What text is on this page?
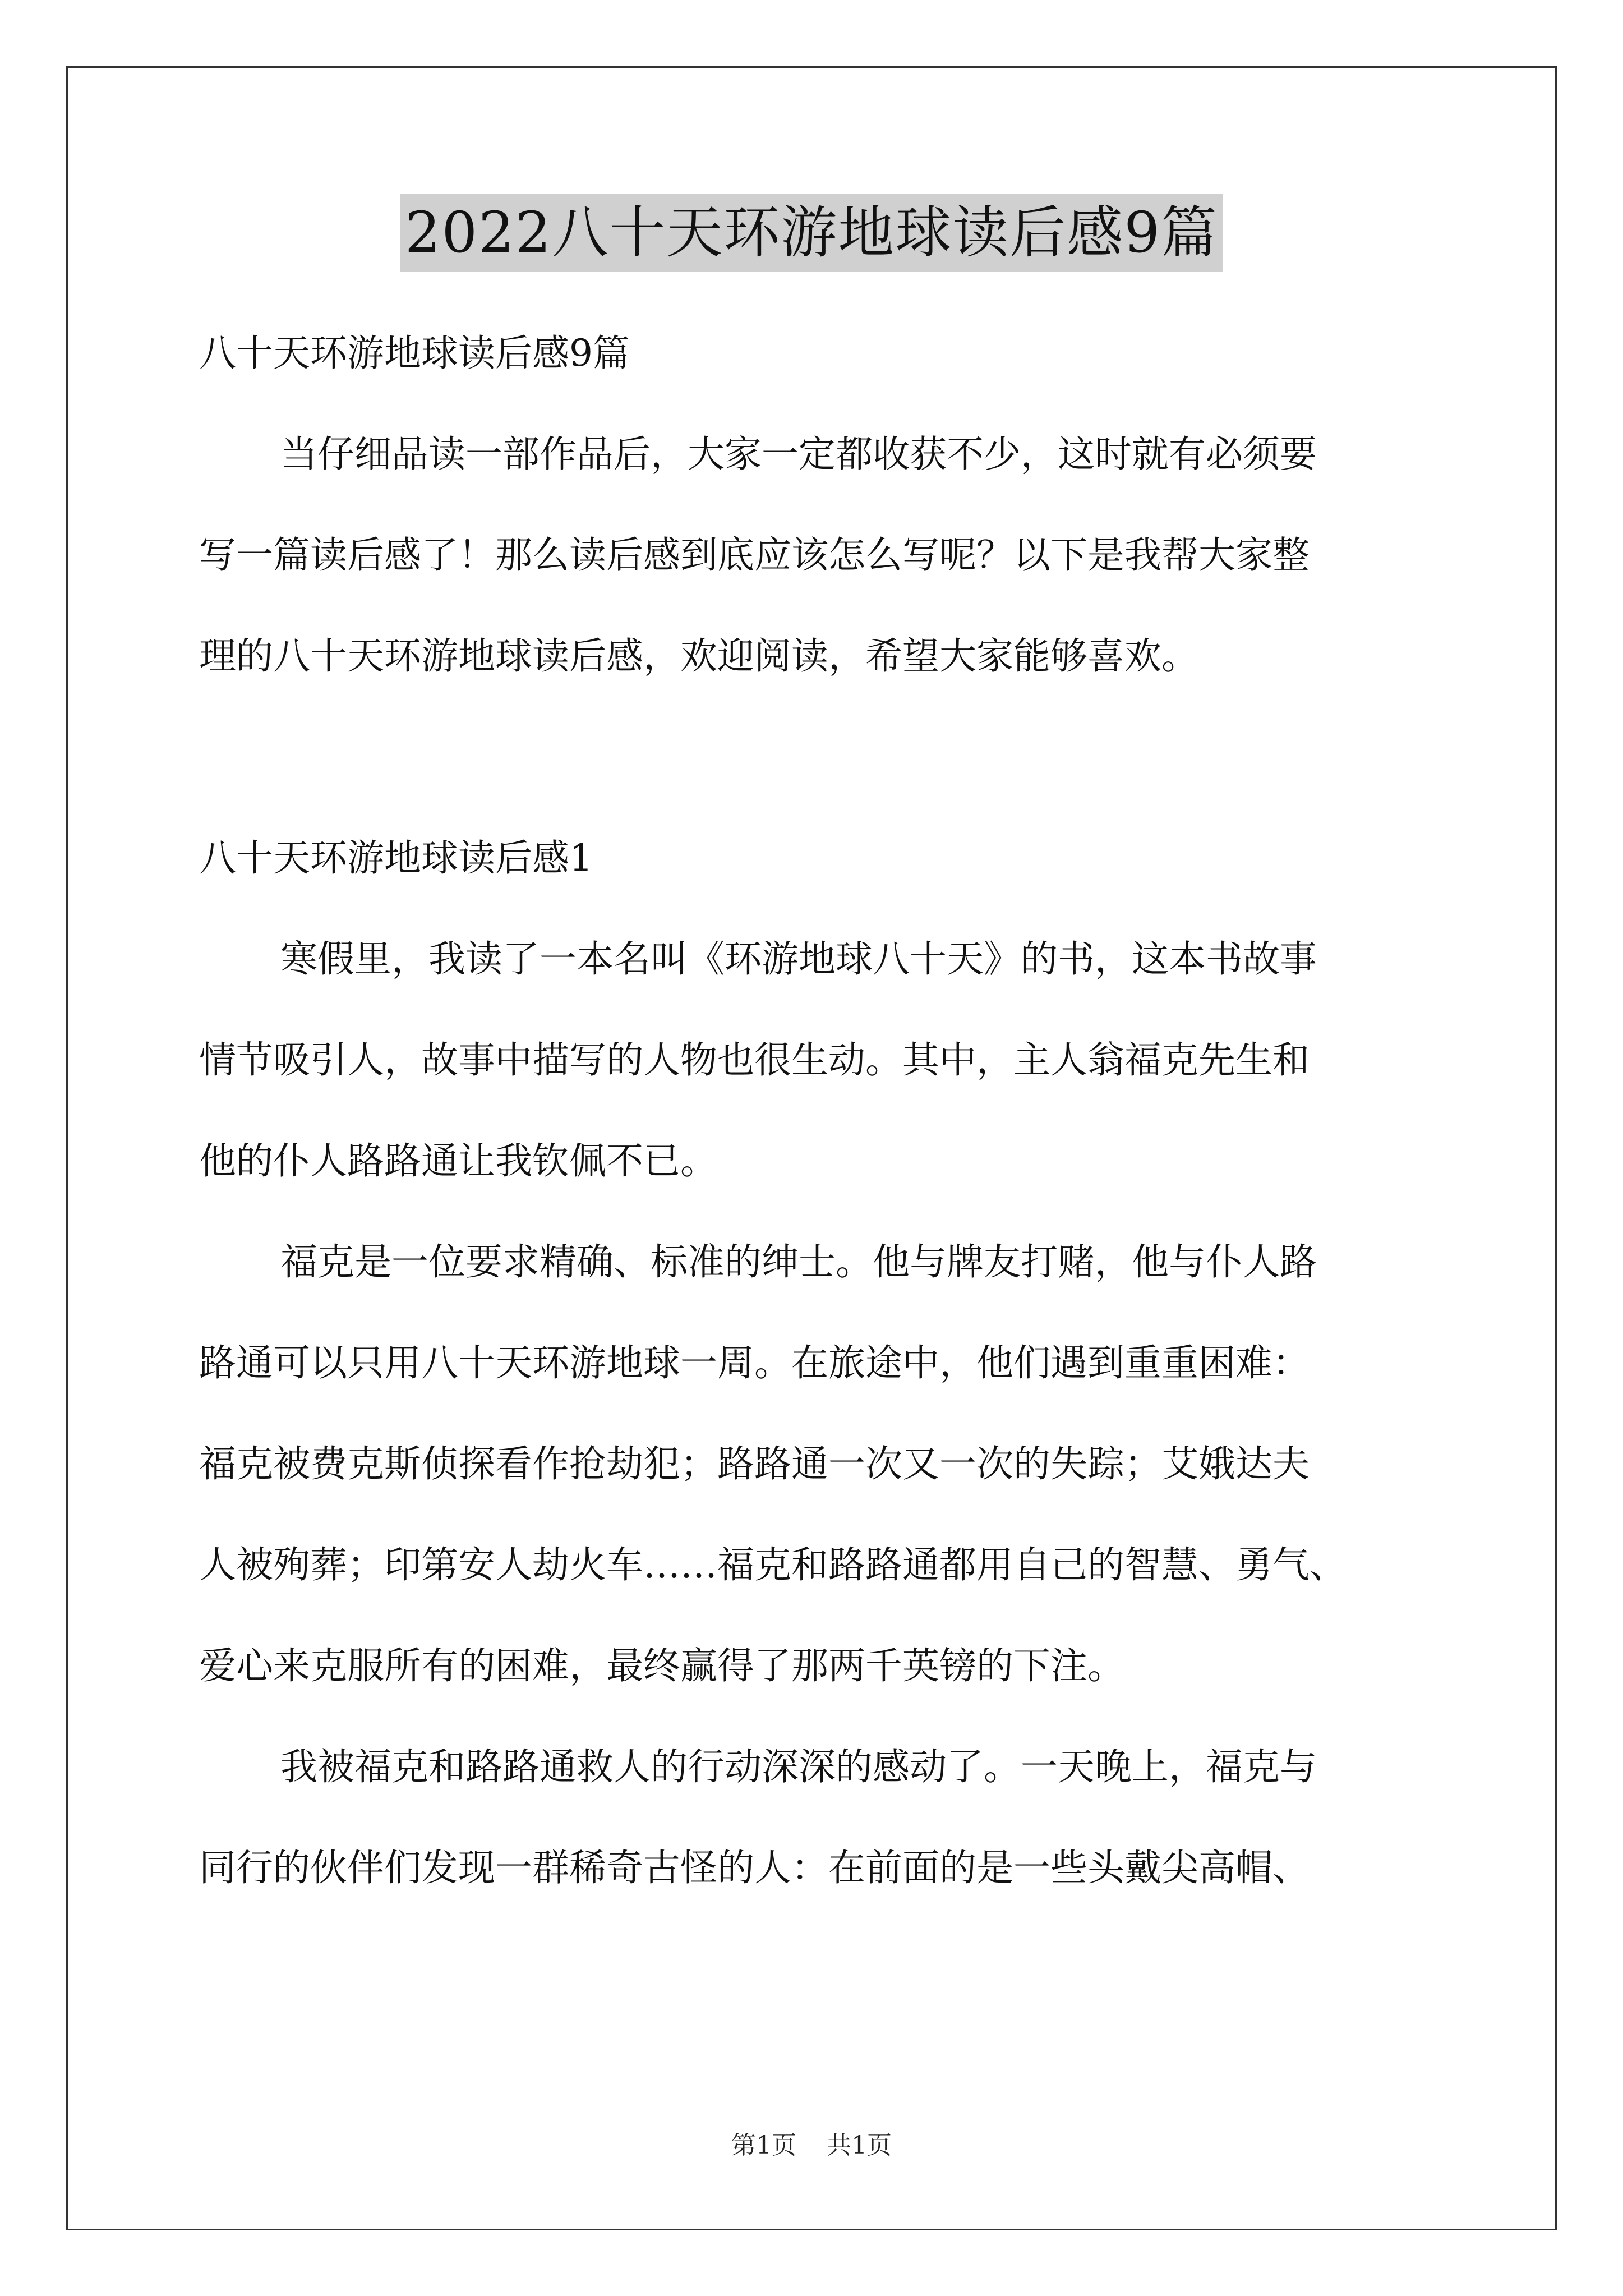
2022八十天环游地球读后感9篇

八十天环游地球读后感9篇

当仔细品读一部作品后，大家一定都收获不少，这时就有必须要

写一篇读后感了！那么读后感到底应该怎么写呢？以下是我帮大家整

理的八十天环游地球读后感，欢迎阅读，希望大家能够喜欢。

八十天环游地球读后感1

寒假里，我读了一本名叫《环游地球八十天》的书，这本书故事

情节吸引人，故事中描写的人物也很生动。其中，主人翁福克先生和

他的仆人路路通让我钦佩不已。

福克是一位要求精确、标准的绅士。他与牌友打赌，他与仆人路

路通可以只用八十天环游地球一周。在旅途中，他们遇到重重困难：

福克被费克斯侦探看作抢劫犯；路路通一次又一次的失踪；艾娥达夫

人被殉葬；印第安人劫火车……福克和路路通都用自己的智慧、勇气、

爱心来克服所有的困难，最终赢得了那两千英镑的下注。

我被福克和路路通救人的行动深深的感动了。一天晚上，福克与

同行的伙伴们发现一群稀奇古怪的人：在前面的是一些头戴尖高帽、

第1页 共1页
